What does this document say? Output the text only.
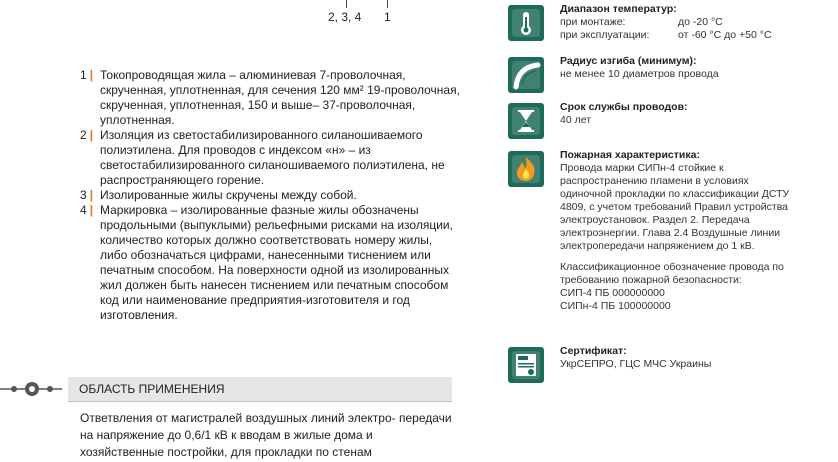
2, 3, 4 1
1 | Токопроводящая жила – алюминиевая 7-проволочная, скрученная, уплотненная, для сечения 120 мм² 19-проволочная, скрученная, уплотненная, 150 и выше– 37-проволочная, уплотненная.
2 | Изоляция из светостабилизированного силаношиваемого полиэтилена. Для проводов с индексом «н» – из светостабилизированного силаношиваемого полиэтилена, не распространяющего горение.
3 | Изолированные жилы скручены между собой.
4 | Маркировка – изолированные фазные жилы обозначены продольными (выпуклыми) рельефными рисками на изоляции, количество которых должно соответствовать номеру жилы, либо обозначаться цифрами, нанесенными тиснением или печатным способом. На поверхности одной из изолированных жил должен быть нанесен тиснением или печатным способом код или наименование предприятия-изготовителя и год изготовления.
ОБЛАСТЬ ПРИМЕНЕНИЯ
Ответвления от магистралей воздушных линий электро- передачи на напряжение до 0,6/1 кВ к вводам в жилые дома и хозяйственные постройки, для прокладки по стенам
Диапазон температур:
при монтаже:	до -20 °С
при эксплуатации:	от -60 °С до +50 °С
Радиус изгиба (минимум):
не менее 10 диаметров провода
Срок службы проводов:
40 лет
Пожарная характеристика:
Провода марки СИПн-4 стойкие к распространению пламени в условиях одиночной прокладки по классификации ДСТУ 4809, с учетом требований Правил устройства электроустановок. Раздел 2. Передача электроэнергии. Глава 2.4 Воздушные линии электропередачи напряжением до 1 кВ.
Классификационное обозначение провода по требованию пожарной безопасности:
СИП-4 ПБ 000000000
СИПн-4 ПБ 100000000
Сертификат:
УкрСЕПРО, ГЦС МЧС Украины
